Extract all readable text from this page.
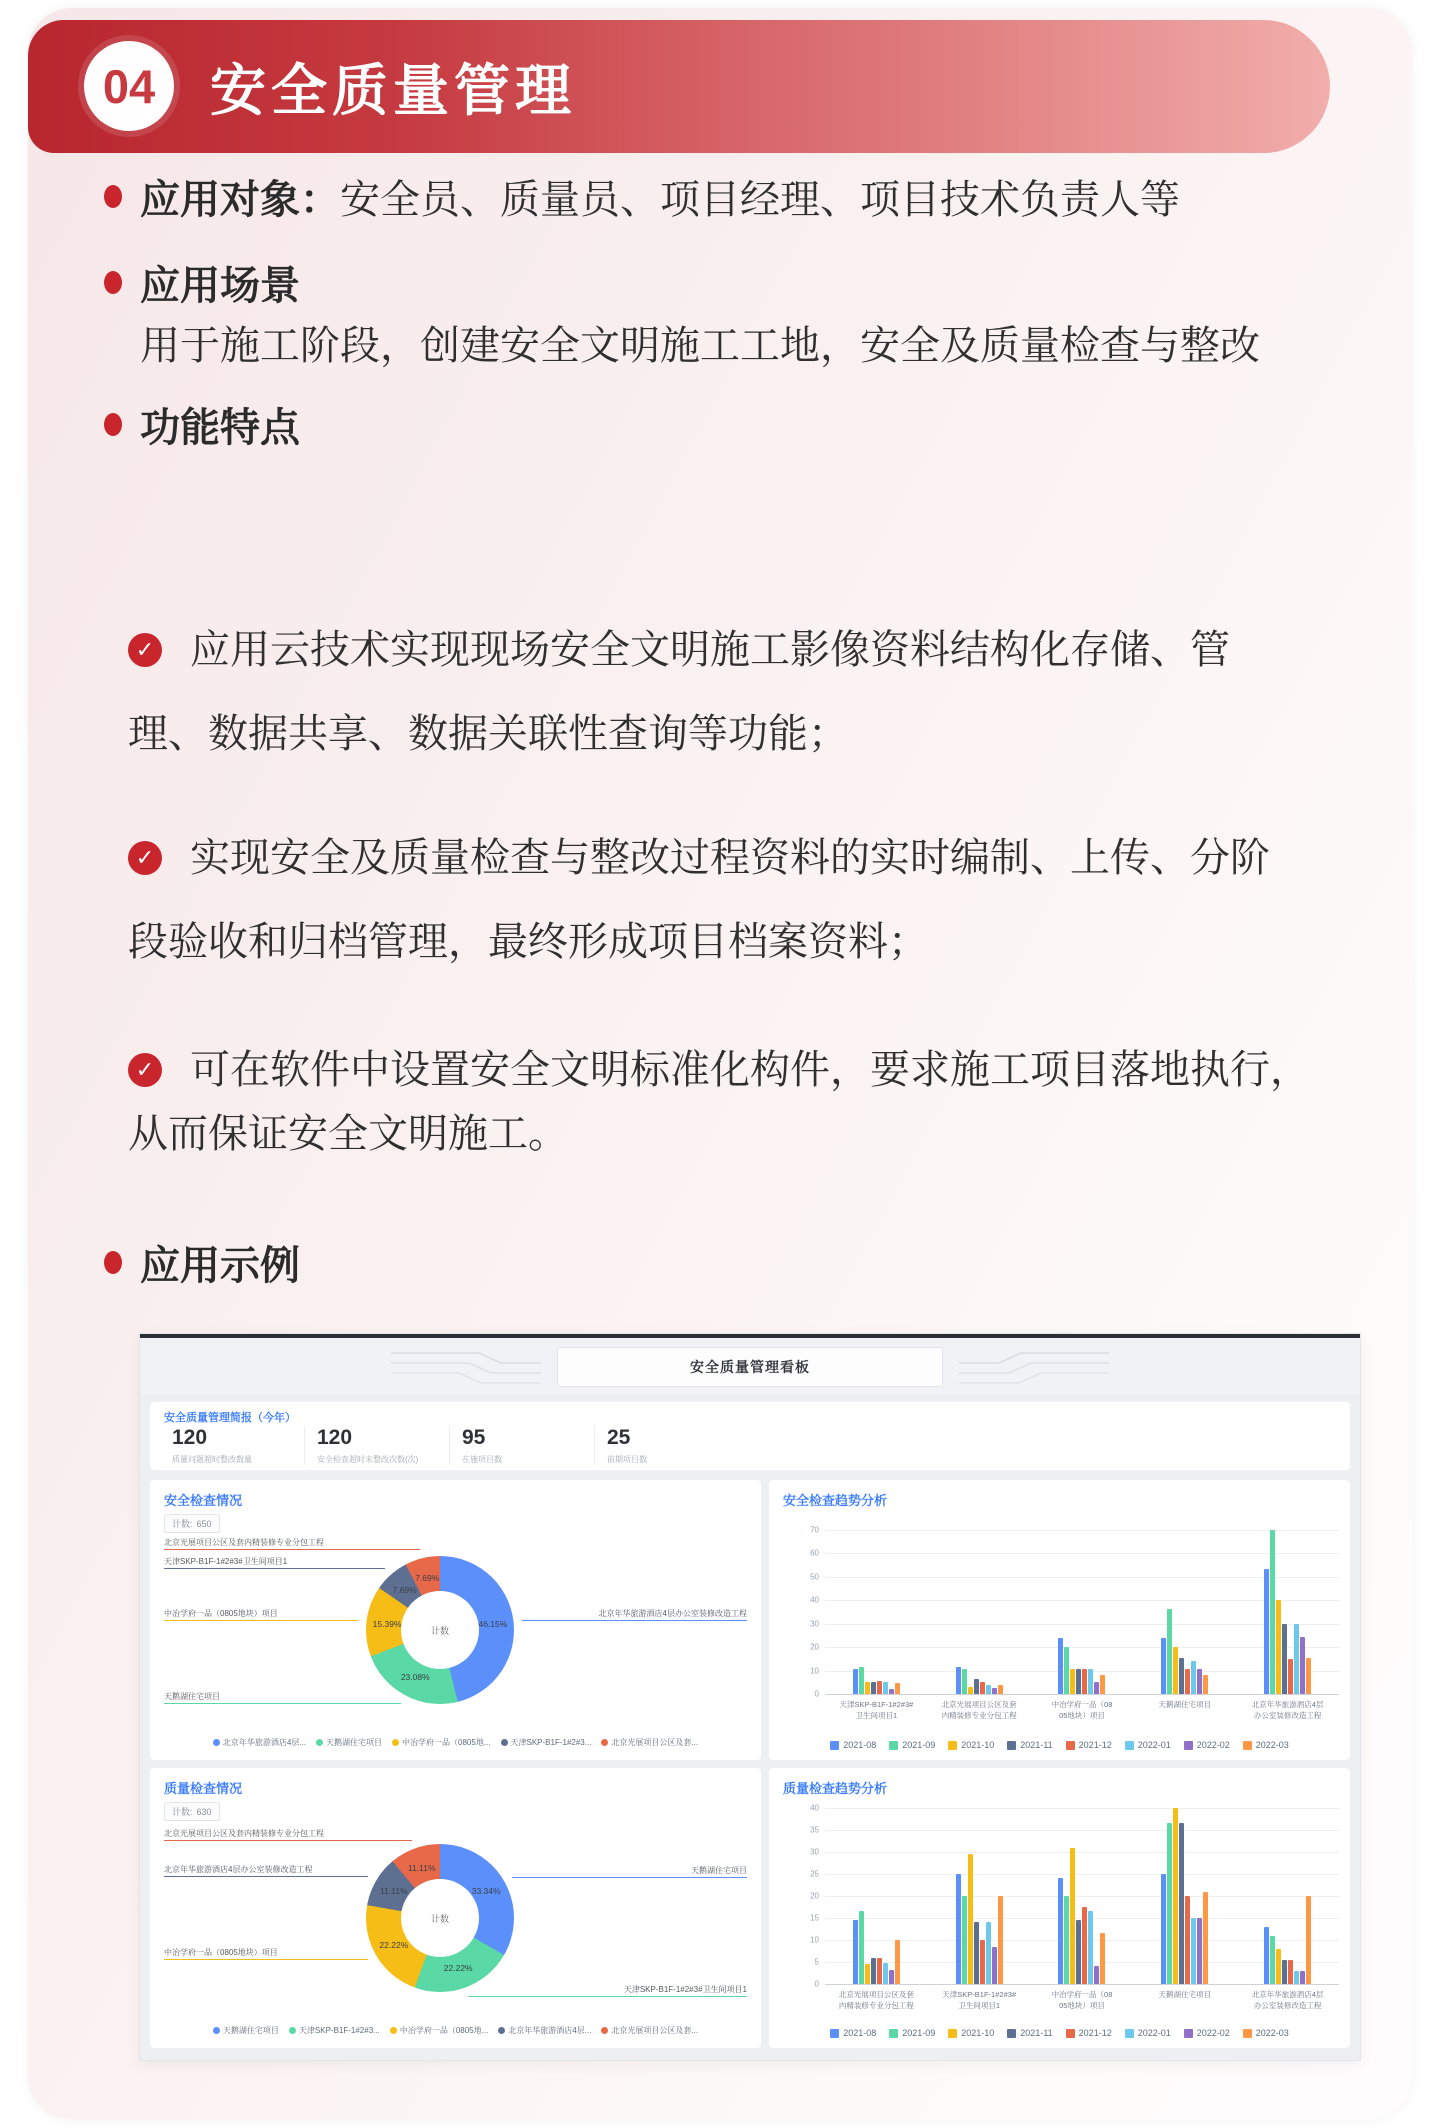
04 安全质量管理
应用对象： 安全员、质量员、项目经理、项目技术负责人等
应用场景
用于施工阶段，创建安全文明施工工地，安全及质量检查与整改
功能特点
✓ 应用云技术实现现场安全文明施工影像资料结构化存储、管
理、数据共享、数据关联性查询等功能；
✓ 实现安全及质量检查与整改过程资料的实时编制、上传、分阶
段验收和归档管理，最终形成项目档案资料；
✓ 可在软件中设置安全文明标准化构件，要求施工项目落地执行，
从而保证安全文明施工。
应用示例
安全质量管理看板
安全质量管理简报（今年）
120
质量问题超时整改数量
120
安全检查超时未整改次数(次)
95
在施项目数
25
前期项目数
安全检查情况
计数: 650
计数
46.15%
北京年华旅游酒店4层办公室装修改造工程
23.08%
天鹅湖住宅项目
15.39%
中冶学府一品（0805地块）项目
7.69%
天津SKP-B1F-1#2#3#卫生间项目1
7.69%
北京光展项目公区及套内精装修专业分包工程
北京年华旅游酒店4层...	天鹅湖住宅项目	中冶学府一品（0805地...	天津SKP-B1F-1#2#3...	北京光展项目公区及套...
安全检查趋势分析
0
10
20
30
40
50
60
70
天津SKP-B1F-1#2#3#
卫生间项目1
北京光展项目公区及套
内精装修专业分包工程
中冶学府一品（08
05地块）项目
天鹅湖住宅项目	北京年华旅游酒店4层
办公室装修改造工程
2021-08	2021-09	2021-10	2021-11	2021-12	2022-01	2022-02	2022-03
质量检查情况
计数: 630
计数
33.34%
天鹅湖住宅项目
22.22%
天津SKP-B1F-1#2#3#卫生间项目1
22.22%
中冶学府一品（0805地块）项目
11.11%
北京年华旅游酒店4层办公室装修改造工程	11.11%
北京光展项目公区及套内精装修专业分包工程
天鹅湖住宅项目	天津SKP-B1F-1#2#3...	中冶学府一品（0805地...	北京年华旅游酒店4层...	北京光展项目公区及套...
质量检查趋势分析
0
5
10
15
20
25
30
35
40
北京光展项目公区及套
内精装修专业分包工程
天津SKP-B1F-1#2#3#
卫生间项目1
中冶学府一品（08
05地块）项目
天鹅湖住宅项目	北京年华旅游酒店4层
办公室装修改造工程
2021-08	2021-09	2021-10	2021-11	2021-12	2022-01	2022-02	2022-03
